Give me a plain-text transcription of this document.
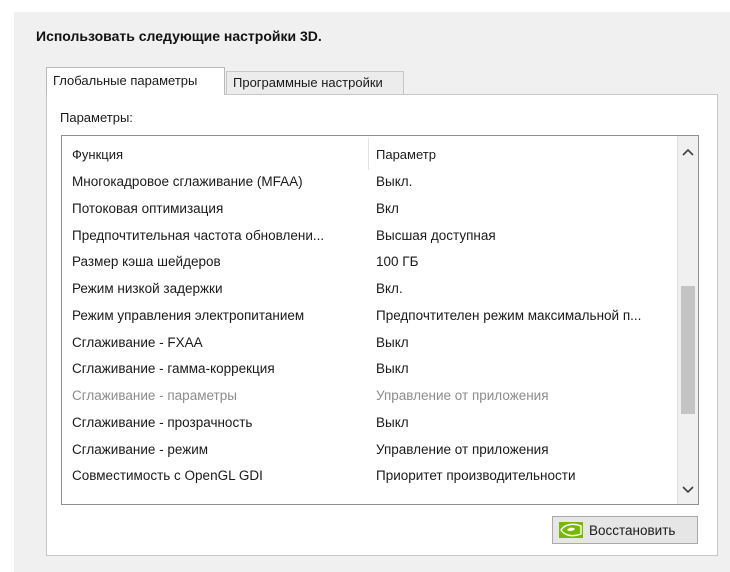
Использовать следующие настройки 3D.
Глобальные параметры	Программные настройки
Параметры:
Функция	Параметр
Многокадровое сглаживание (MFAA)	Выкл.
Потоковая оптимизация	Вкл
Предпочтительная частота обновлени...	Высшая доступная
Размер кэша шейдеров	100 ГБ
Режим низкой задержки	Вкл.
Режим управления электропитанием	Предпочтителен режим максимальной п...
Сглаживание - FXAA	Выкл
Сглаживание - гамма-коррекция	Выкл
Сглаживание - параметры	Управление от приложения
Сглаживание - прозрачность	Выкл
Сглаживание - режим	Управление от приложения
Совместимость с OpenGL GDI	Приоритет производительности
Восстановить
